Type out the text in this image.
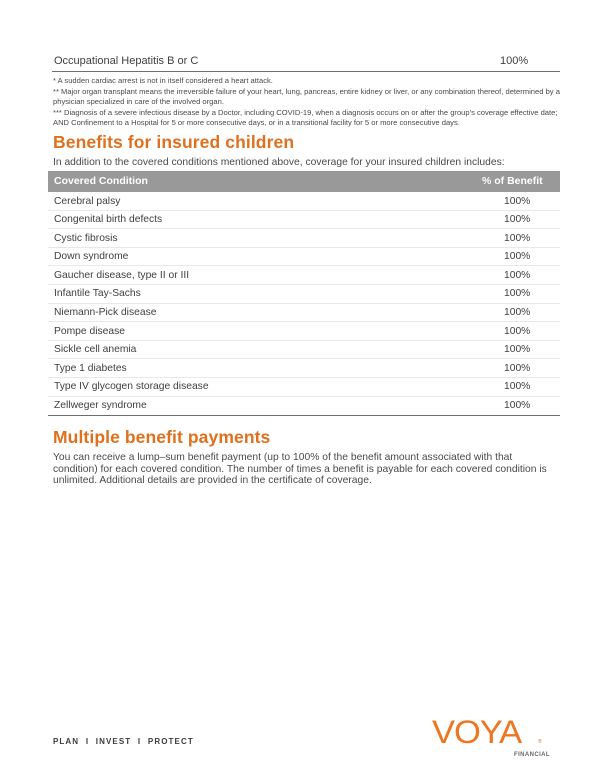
Occupational Hepatitis B or C	100%

* A sudden cardiac arrest is not in itself considered a heart attack.

** Major organ transplant means the irreversible failure of your heart, lung, pancreas, entire kidney or liver, or any combination thereof, determined by a physician specialized in care of the involved organ.

*** Diagnosis of a severe infectious disease by a Doctor, including COVID-19, when a diagnosis occurs on or after the group's coverage effective date; AND Confinement to a Hospital for 5 or more consecutive days, or in a transitional facility for 5 or more consecutive days.

Benefits for insured children
In addition to the covered conditions mentioned above, coverage for your insured children includes:
Covered Condition	% of Benefit
Cerebral palsy	100%
Congenital birth defects	100%
Cystic fibrosis	100%
Down syndrome	100%
Gaucher disease, type II or III	100%
Infantile Tay-Sachs	100%
Niemann-Pick disease	100%
Pompe disease	100%
Sickle cell anemia	100%
Type 1 diabetes	100%
Type IV glycogen storage disease	100%
Zellweger syndrome	100%
Multiple benefit payments

You can receive a lump–sum benefit payment (up to 100% of the benefit amount associated with that condition) for each covered condition. The number of times a benefit is payable for each covered condition is unlimited. Additional details are provided in the certificate of coverage.

PLAN  I  INVEST  I  PROTECT	VOYA	®
FINANCIAL
